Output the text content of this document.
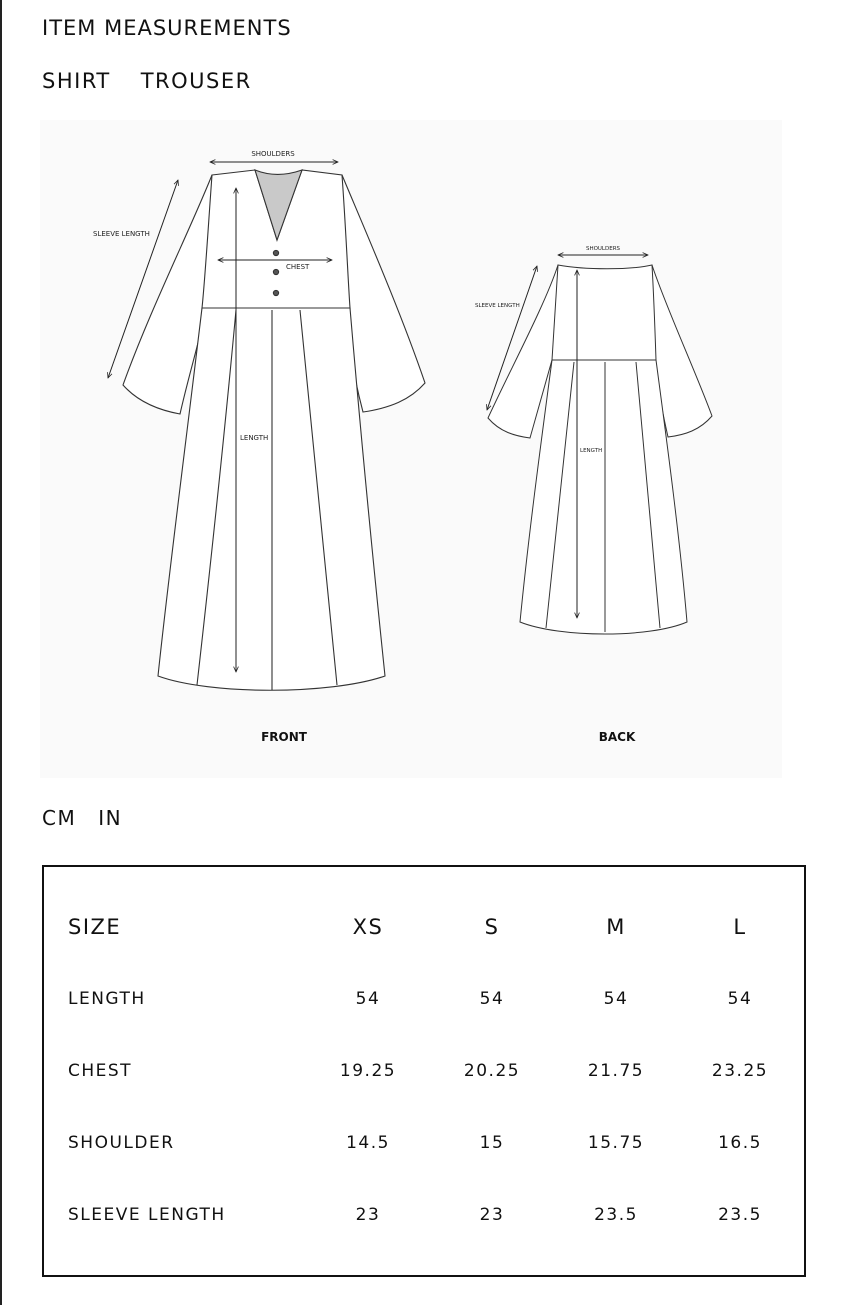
ITEM MEASUREMENTS
SHIRT TROUSER
SHOULDERS
CHEST
SLEEVE LENGTH
LENGTH
FRONT
SHOULDERS
SLEEVE LENGTH
LENGTH
BACK
CM IN
SIZE	XS	S	M	L
LENGTH	54	54	54	54
CHEST	19.25	20.25	21.75	23.25
SHOULDER	14.5	15	15.75	16.5
SLEEVE LENGTH	23	23	23.5	23.5
